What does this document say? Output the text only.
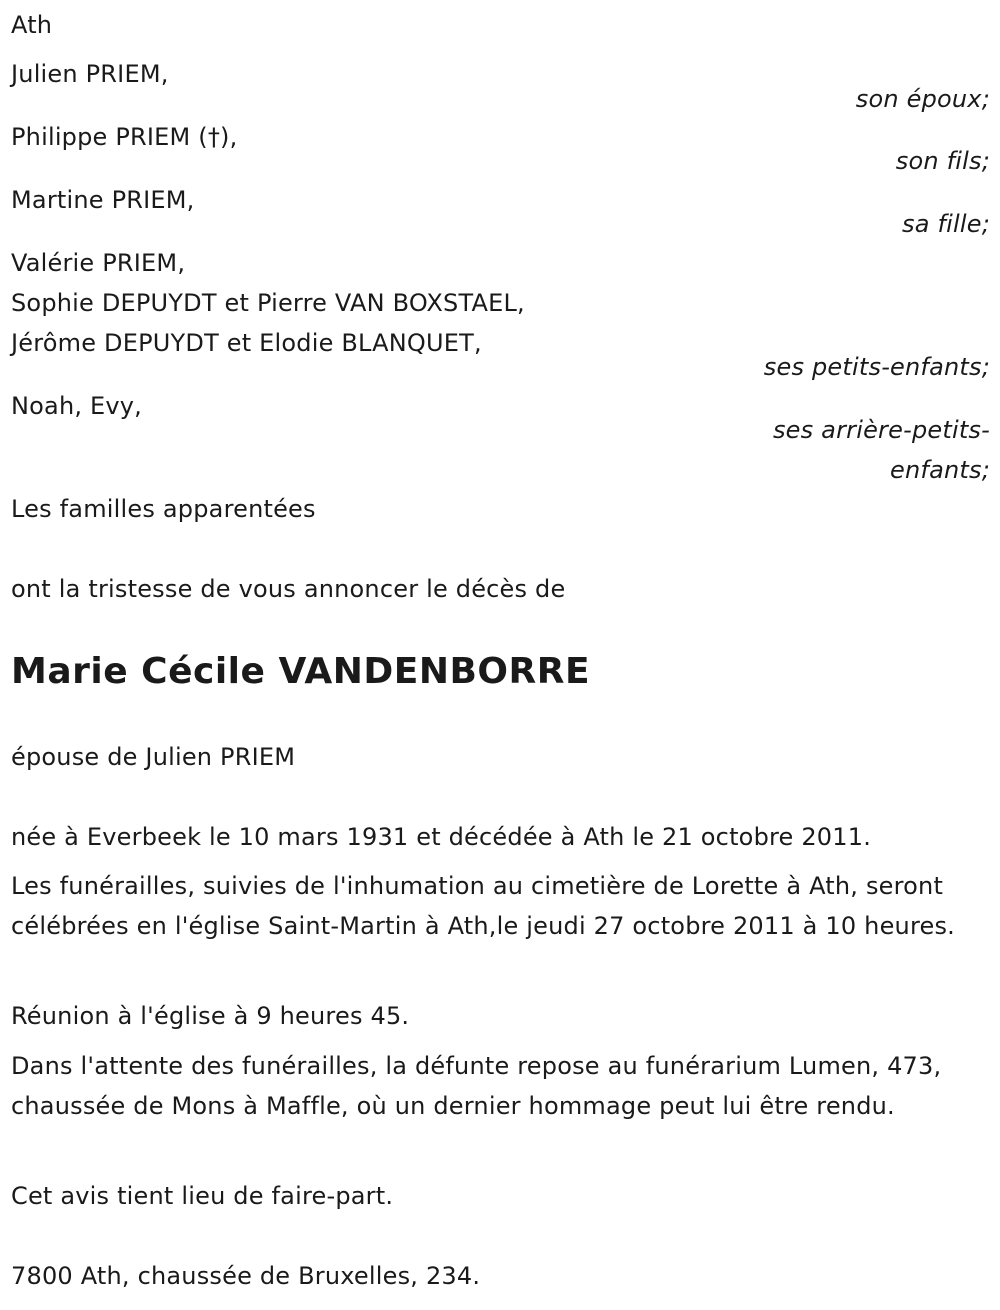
Ath
Julien PRIEM,
son époux;
Philippe PRIEM (†),
son fils;
Martine PRIEM,
sa fille;
Valérie PRIEM,
Sophie DEPUYDT et Pierre VAN BOXSTAEL,
Jérôme DEPUYDT et Elodie BLANQUET,
ses petits-enfants;
Noah, Evy,
ses arrière-petits-
enfants;
Les familles apparentées
ont la tristesse de vous annoncer le décès de
Marie Cécile VANDENBORRE
épouse de Julien PRIEM
née à Everbeek le 10 mars 1931 et décédée à Ath le 21 octobre 2011.
Les funérailles, suivies de l'inhumation au cimetière de Lorette à Ath, seront célébrées en l'église Saint-Martin à Ath,le jeudi 27 octobre 2011 à 10 heures.
Réunion à l'église à 9 heures 45.
Dans l'attente des funérailles, la défunte repose au funérarium Lumen, 473, chaussée de Mons à Maffle, où un dernier hommage peut lui être rendu.
Cet avis tient lieu de faire-part.
7800 Ath, chaussée de Bruxelles, 234.
